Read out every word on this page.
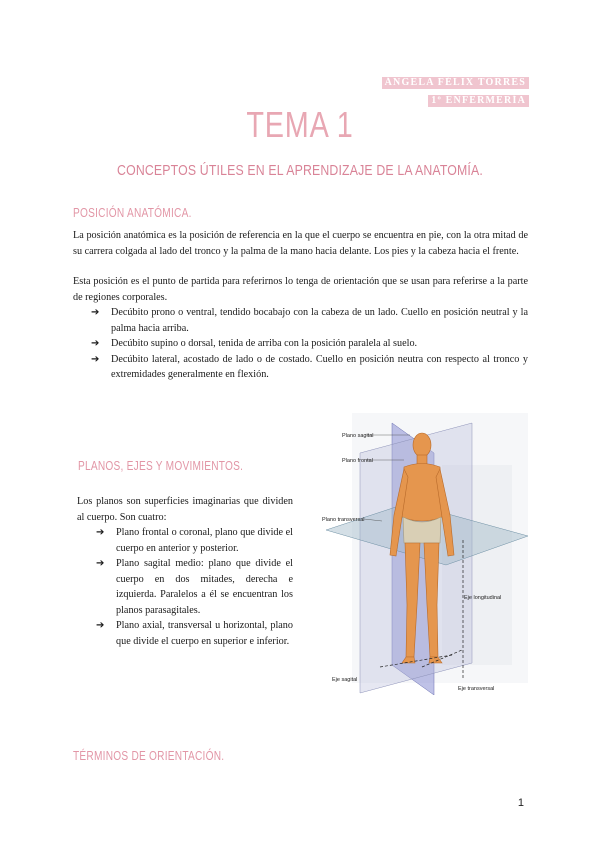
ÁNGELA FÉLIX TORRES
1º ENFERMERÍA
TEMA 1
CONCEPTOS ÚTILES EN EL APRENDIZAJE DE LA ANATOMÍA.
POSICIÓN ANATÓMICA.

La posición anatómica es la posición de referencia en la que el cuerpo se encuentra en pie, con la otra mitad de su carrera colgada al lado del tronco y la palma de la mano hacia delante. Los pies y la cabeza hacia el frente.

Esta posición es el punto de partida para referirnos lo tenga de orientación que se usan para referirse a la parte de regiones corporales.

➔ Decúbito prono o ventral, tendido bocabajo con la cabeza de un lado. Cuello en posición neutral y la palma hacia arriba.
➔ Decúbito supino o dorsal, tenida de arriba con la posición paralela al suelo.
➔ Decúbito lateral, acostado de lado o de costado. Cuello en posición neutra con respecto al tronco y extremidades generalmente en flexión.
PLANOS, EJES Y MOVIMIENTOS.

Los planos son superficies imaginarias que dividen al cuerpo. Son cuatro:

➔ Plano frontal o coronal, plano que divide el cuerpo en anterior y posterior.
➔ Plano sagital medio: plano que divide el cuerpo en dos mitades, derecha e izquierda. Paralelos a él se encuentran los planos parasagitales.
➔ Plano axial, transversal u horizontal, plano que divide el cuerpo en superior e inferior.
Plano sagital
Plano frontal
Plano transversal
Eje longitudinal
Eje sagital
Eje transversal
TÉRMINOS DE ORIENTACIÓN.
1
